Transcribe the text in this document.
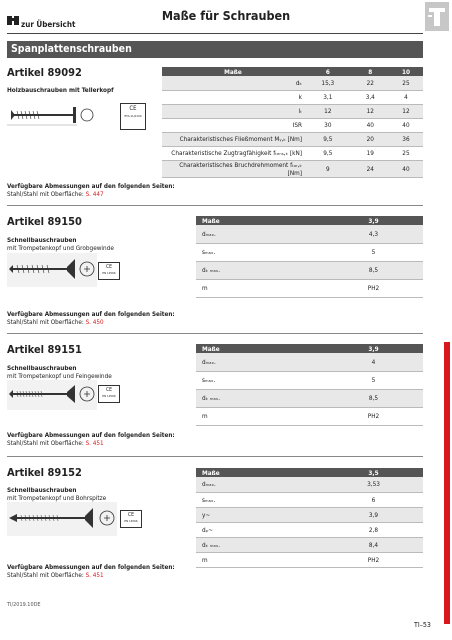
zur Übersicht
Maße für Schrauben
Spanplattenschrauben
Artikel 89092
Holzbauschrauben mit Tellerkopf
CE
ETA-11/0190
Maße	6	8	10
dₖ	15,3	22	25
k	3,1	3,4	4
lₜ	12	12	12
ISR	30	40	40
Charakteristisches Fließmoment Mᵧ,ₖ [Nm]	9,5	20	36
Charakteristische Zugtragfähigkeit fₜₑₙₛ,ₖ [kN]	9,5	19	25
Charakteristisches Bruchdrehmoment fₜₒᵣ,ₖ [Nm]	9	24	40
Verfügbare Abmessungen auf den folgenden Seiten:
Stahl/Stahl mit Oberfläche: S. 447
Artikel 89150
Schnellbauschrauben
mit Trompetenkopf und Grobgewinde
CE
EN 14566
Maße	3,9
dₘₐₓ.	4,3
sₘₐₓ.	5
dₖ ₘₐₓ.	8,5
m	PH2
Verfügbare Abmessungen auf den folgenden Seiten:
Stahl/Stahl mit Oberfläche: S. 450
Artikel 89151
Schnellbauschrauben
mit Trompetenkopf und Feingewinde
CE
EN 14566
Maße	3,9
dₘₐₓ.	4
sₘₐₓ.	5
dₖ ₘₐₓ.	8,5
m	PH2
Verfügbare Abmessungen auf den folgenden Seiten:
Stahl/Stahl mit Oberfläche: S. 451
Artikel 89152
Schnellbauschrauben
mit Trompetenkopf und Bohrspitze
CE
EN 14566
Maße	3,5
dₘₐₓ.	3,53
sₘₐₓ.	6
y~	3,9
dₚ~	2,8
dₖ ₘₐₓ.	8,4
m	PH2
Verfügbare Abmessungen auf den folgenden Seiten:
Stahl/Stahl mit Oberfläche: S. 451
TI/2019.10DE
TI–53
